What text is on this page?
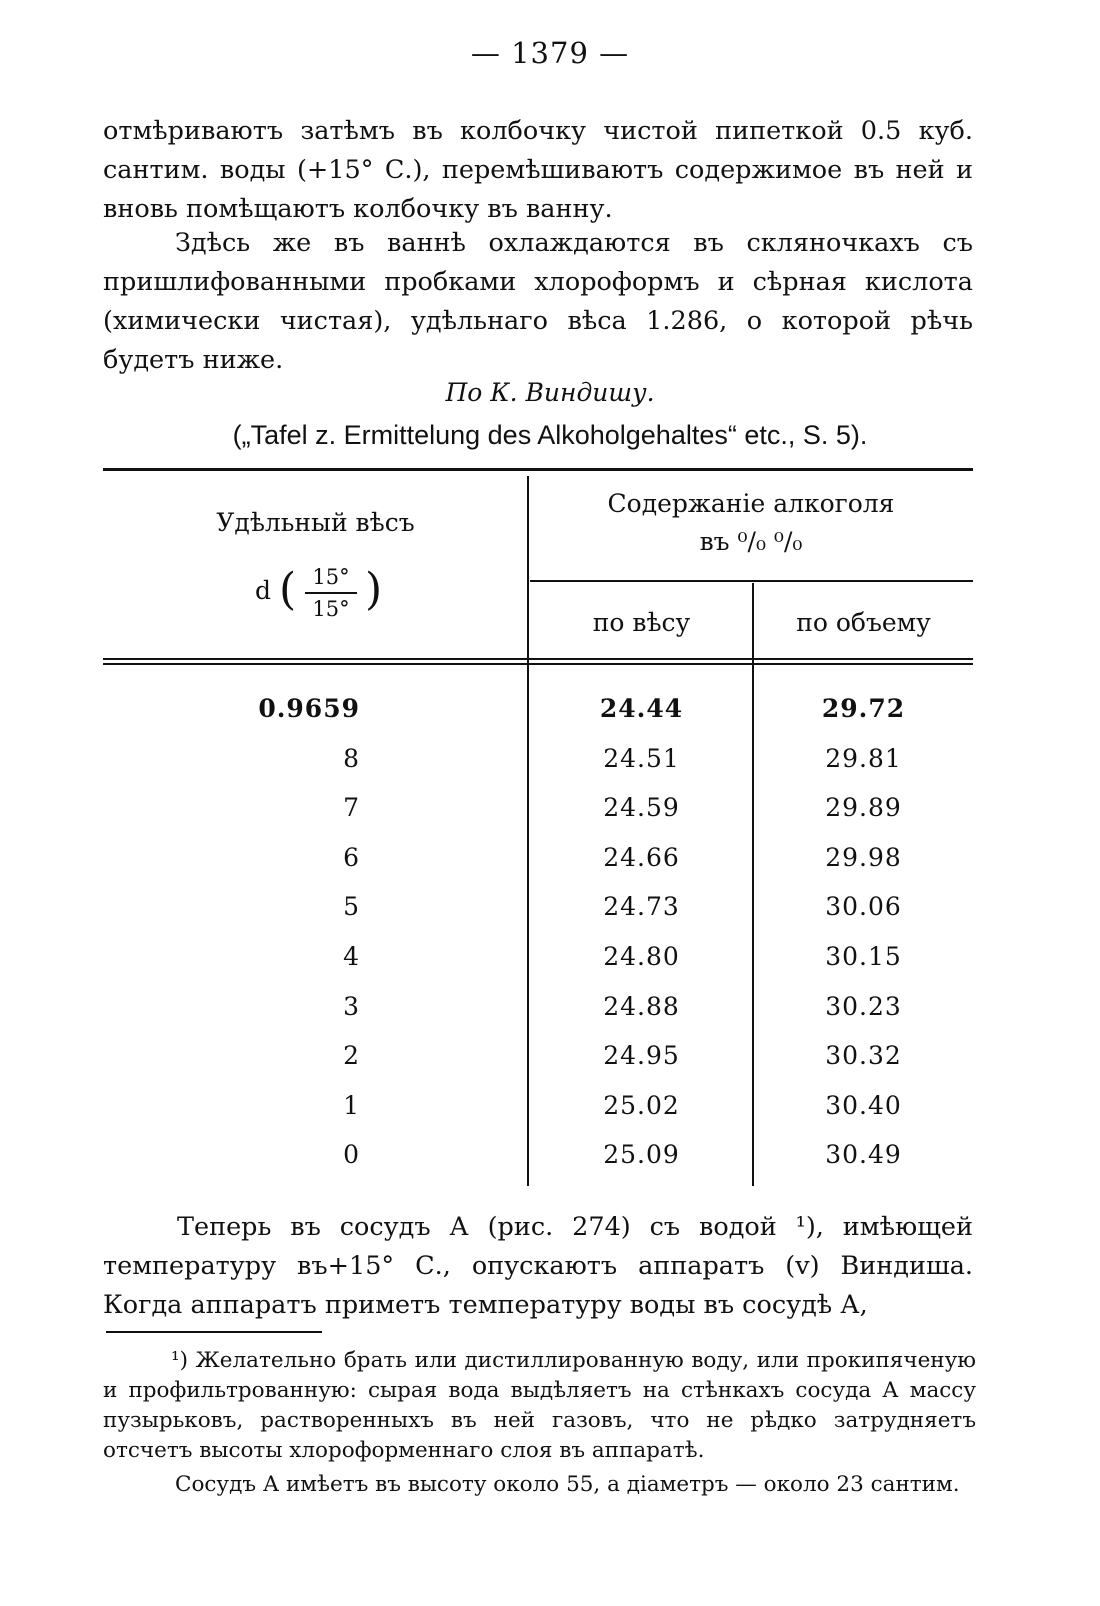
— 1379 —

отмѣриваютъ затѣмъ въ колбочку чистой пипеткой 0.5 куб. сантим. воды (+15° С.), перемѣшиваютъ содержимое въ ней и вновь помѣщаютъ колбочку въ ванну.

Здѣсь же въ ваннѣ охлаждаются въ скляночкахъ съ пришлифованными пробками хлороформъ и сѣрная кислота (химически чистая), удѣльнаго вѣса 1.286, о которой рѣчь будетъ ниже.

По К. Виндишу.
(„Tafel z. Ermittelung des Alkoholgehaltes“ etc., S. 5).
Удѣльный вѣсъ
d ( 15°
15° )
Содержаніе алкоголя
въ ⁰/₀ ⁰/₀
по вѣсу	по объему
0.9659	24.44	29.72
8	24.51	29.81
7	24.59	29.89
6	24.66	29.98
5	24.73	30.06
4	24.80	30.15
3	24.88	30.23
2	24.95	30.32
1	25.02	30.40
0	25.09	30.49

Теперь въ сосудъ А (рис. 274) съ водой ¹), имѣющей температуру въ+15° С., опускаютъ аппаратъ (v) Виндиша. Когда аппаратъ приметъ температуру воды въ сосудѣ А,

¹) Желательно брать или дистиллированную воду, или прокипяченую и профильтрованную: сырая вода выдѣляетъ на стѣнкахъ сосуда А массу пузырьковъ, растворенныхъ въ ней газовъ, что не рѣдко затрудняетъ отсчетъ высоты хлороформеннаго слоя въ аппаратѣ.

Сосудъ А имѣетъ въ высоту около 55, а діаметръ — около 23 сантим.
